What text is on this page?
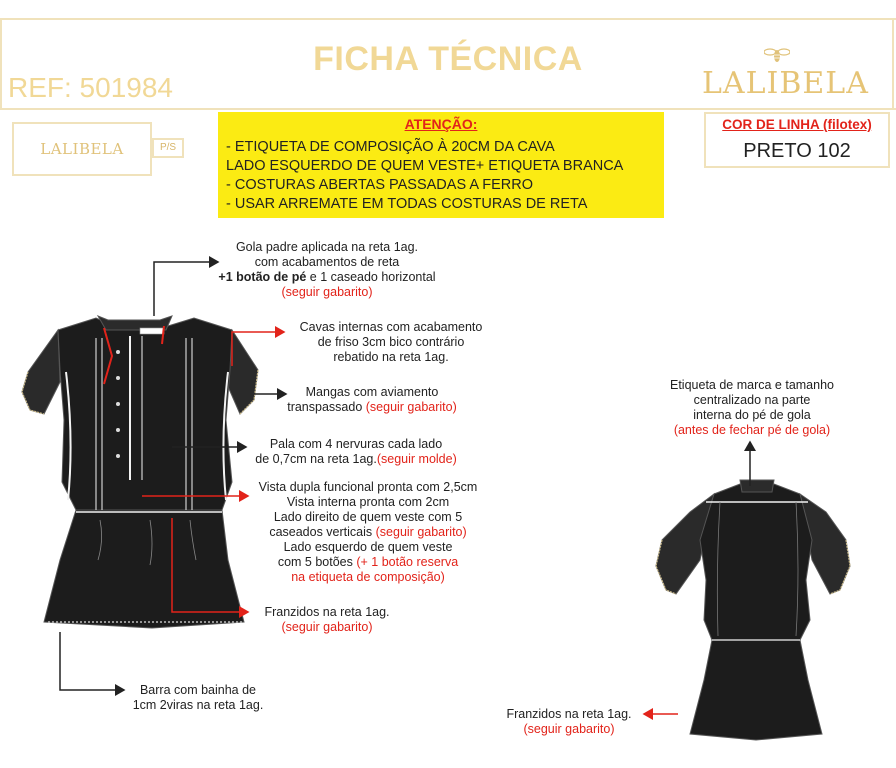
FICHA TÉCNICA
REF: 501984	LALIBELA
LALIBELA	P/S
ATENÇÃO:
- ETIQUETA DE COMPOSIÇÃO À 20CM DA CAVA
LADO ESQUERDO DE QUEM VESTE+ ETIQUETA BRANCA
- COSTURAS ABERTAS PASSADAS A FERRO
- USAR ARREMATE EM TODAS COSTURAS DE RETA
COR DE LINHA (filotex)
PRETO 102
Gola padre aplicada na reta 1ag.
com acabamentos de reta
+1 botão de pé e 1 caseado horizontal
(seguir gabarito)
Cavas internas com acabamento
de friso 3cm bico contrário
rebatido na reta 1ag.
Mangas com aviamento
transpassado (seguir gabarito)
Pala com 4 nervuras cada lado
de 0,7cm na reta 1ag.(seguir molde)
Vista dupla funcional pronta com 2,5cm
Vista interna pronta com 2cm
Lado direito de quem veste com 5
caseados verticais (seguir gabarito)
Lado esquerdo de quem veste
com 5 botões (+ 1 botão reserva
na etiqueta de composição)
Franzidos na reta 1ag.
(seguir gabarito)
Barra com bainha de
1cm 2viras na reta 1ag.
Etiqueta de marca e tamanho
centralizado na parte
interna do pé de gola
(antes de fechar pé de gola)
Franzidos na reta 1ag.
(seguir gabarito)
